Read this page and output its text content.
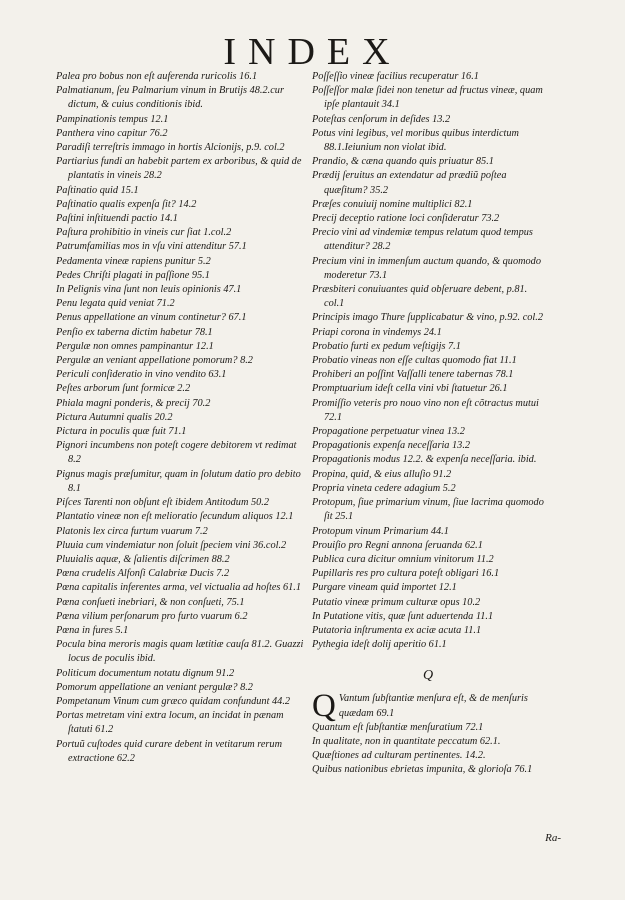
INDEX

Palea pro bobus non eſt auferenda ruricolis 16.1

Palmatianum, ſeu Palmarium vinum in Brutijs 48.2.cur dictum, & cuius conditionis ibid.

Pampinationis tempus 12.1

Panthera vino capitur 76.2

Paradiſi terreſtris immago in hortis Alcionijs, p.9. col.2

Partiarius fundi an habebit partem ex arboribus, & quid de plantatis in vineis 28.2

Paſtinatio quid 15.1

Paſtinatio qualis expenſa ſit? 14.2

Paſtini inſtituendi pactio 14.1

Paſtura prohibitio in vineis cur ſiat 1.col.2

Patrumfamilias mos in vſu vini attenditur 57.1

Pedamenta vineæ rapiens punitur 5.2

Pedes Chriſti plagati in paſſione 95.1

In Pelignis vina ſunt non leuis opinionis 47.1

Penu legata quid veniat 71.2

Penus appellatione an vinum continetur? 67.1

Penſio ex taberna dictim habetur 78.1

Pergulæ non omnes pampinantur 12.1

Pergulæ an veniant appellatione pomorum? 8.2

Periculi conſideratio in vino vendito 63.1

Peſtes arborum ſunt formicæ 2.2

Phiala magni ponderis, & precij 70.2

Pictura Autumni qualis 20.2

Pictura in poculis quæ fuit 71.1

Pignori incumbens non poteſt cogere debitorem vt redimat 8.2

Pignus magis præſumitur, quam in ſolutum datio pro debito 8.1

Piſces Tarenti non obſunt eſt ibidem Antitodum 50.2

Plantatio vineæ non eſt melioratio ſecundum aliquos 12.1

Platonis lex circa furtum vuarum 7.2

Pluuia cum vindemiatur non ſoluit ſpeciem vini 36.col.2

Pluuialis aquæ, & ſalientis diſcrimen 88.2

Pœna crudelis Alfonſi Calabriæ Ducis 7.2

Pœna capitalis inferentes arma, vel victualia ad hoſtes 61.1

Pœna conſueti inebriari, & non conſueti, 75.1

Pœna vilium perſonarum pro furto vuarum 6.2

Pœna in fures 5.1

Pocula bina meroris magis quam lætitiæ cauſa 81.2. Guazzi locus de poculis ibid.

Politicum documentum notatu dignum 91.2

Pomorum appellatione an veniant pergulæ? 8.2

Pompetanum Vinum cum græco quidam confundunt 44.2

Portas metretam vini extra locum, an incidat in pænam ſtatuti 61.2

Portuũ cuſtodes quid curare debent in vetitarum rerum extractione 62.2

Poſſeſſio vineæ facilius recuperatur 16.1

Poſſeſſor malæ ſidei non tenetur ad fructus vineæ, quam ipſe plantauit 34.1

Poteſtas cenſorum in deſides 13.2

Potus vini legibus, vel moribus quibus interdictum 88.1.Ieiunium non violat ibid.

Prandio, & cæna quando quis priuatur 85.1

Prædij ſeruitus an extendatur ad prædiũ poſtea quæſitum? 35.2

Præſes conuiuij nomine multiplici 82.1

Precij deceptio ratione loci conſideratur 73.2

Precio vini ad vindemiæ tempus relatum quod tempus attenditur? 28.2

Precium vini in immenſum auctum quando, & quomodo moderetur 73.1

Præsbiteri conuiuantes quid obſeruare debent, p.81. col.1

Principis imago Thure ſupplicabatur & vino, p.92. col.2

Priapi corona in vindemys 24.1

Probatio furti ex pedum veſtigijs 7.1

Probatio vineas non eſſe cultas quomodo fiat 11.1

Prohiberi an poſſint Vaſſalli tenere tabernas 78.1

Promptuarium ideſt cella vini vbi ſtatuetur 26.1

Promiſſio veteris pro nouo vino non eſt cõtractus mutui 72.1

Propagatione perpetuatur vinea 13.2

Propagationis expenſa neceſſaria 13.2

Propagationis modus 12.2. & expenſa neceſſaria. ibid.

Propina, quid, & eius alluſio 91.2

Propria vineta cedere adagium 5.2

Protopum, ſiue primarium vinum, ſiue lacrima quomodo ſit 25.1

Protopum vinum Primarium 44.1

Prouiſio pro Regni annona ſeruanda 62.1

Publica cura dicitur omnium vinitorum 11.2

Pupillaris res pro cultura poteſt obligari 16.1

Purgare vineam quid importet 12.1

Putatio vineæ primum culturæ opus 10.2

In Putatione vitis, quæ ſunt aduertenda 11.1

Putatoria inſtrumenta ex aciæ acuta 11.1

Pythegia ideſt dolij aperitio 61.1

Q

Q Vantum ſubſtantiæ menſura eſt, & de menſuris quædam 69.1

Quantum eſt ſubſtantiæ menſuratium 72.1

In qualitate, non in quantitate peccatum 62.1.

Quæſtiones ad culturam pertinentes. 14.2.

Quibus nationibus ebrietas impunita, & glorioſa 76.1

Ra-
